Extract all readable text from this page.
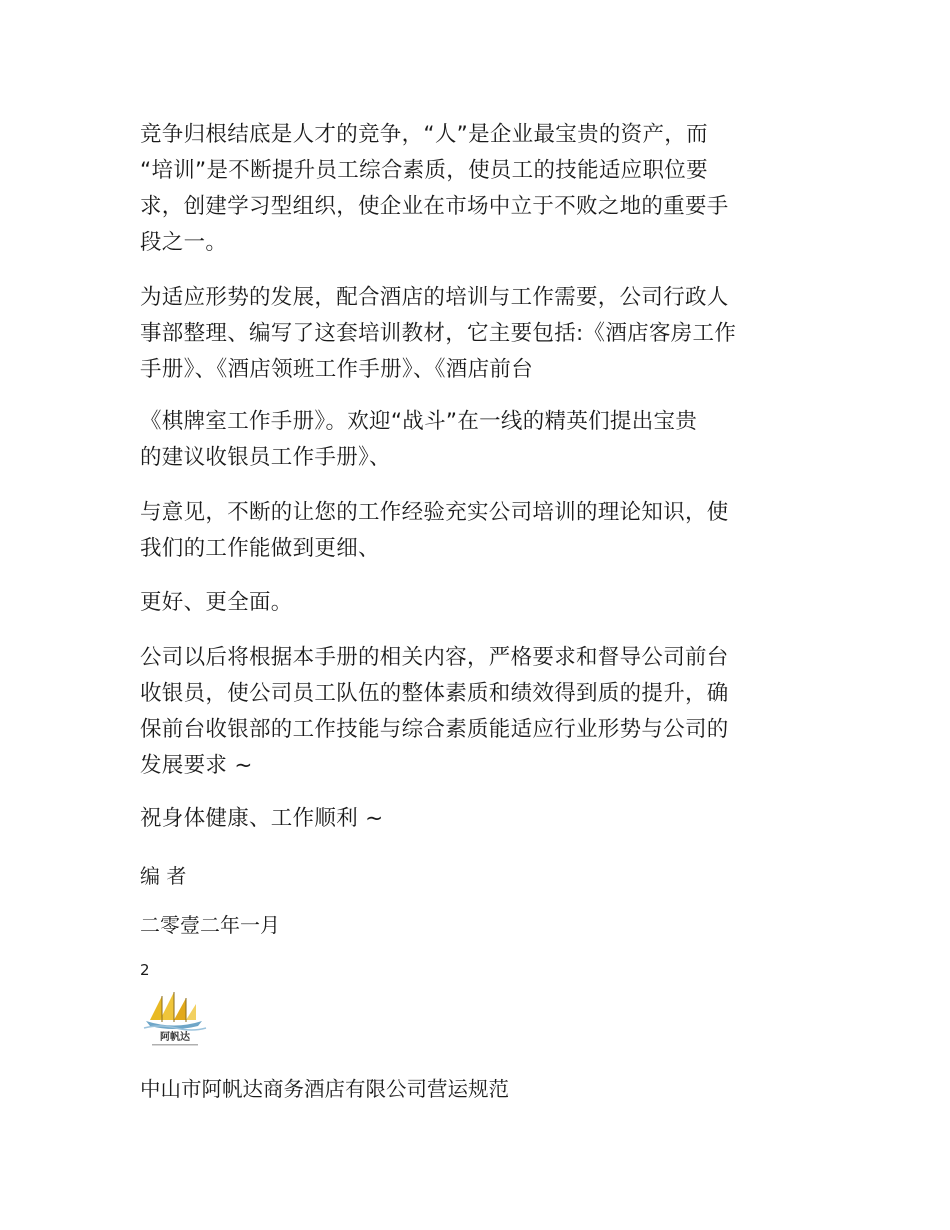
竞争归根结底是人才的竞争，“人”是企业最宝贵的资产，而
“培训”是不断提升员工综合素质，使员工的技能适应职位要
求，创建学习型组织，使企业在市场中立于不败之地的重要手
段之一。

为适应形势的发展，配合酒店的培训与工作需要，公司行政人
事部整理、编写了这套培训教材，它主要包括:《酒店客房工作
手册》、《酒店领班工作手册》、《酒店前台

《棋牌室工作手册》。欢迎“战斗”在一线的精英们提出宝贵
的建议收银员工作手册》、

与意见，不断的让您的工作经验充实公司培训的理论知识，使
我们的工作能做到更细、

更好、更全面。

公司以后将根据本手册的相关内容，严格要求和督导公司前台
收银员，使公司员工队伍的整体素质和绩效得到质的提升，确
保前台收银部的工作技能与综合素质能适应行业形势与公司的
发展要求 ~

祝身体健康、工作顺利 ~

编 者
二零壹二年一月
2
阿帆达
中山市阿帆达商务酒店有限公司营运规范
